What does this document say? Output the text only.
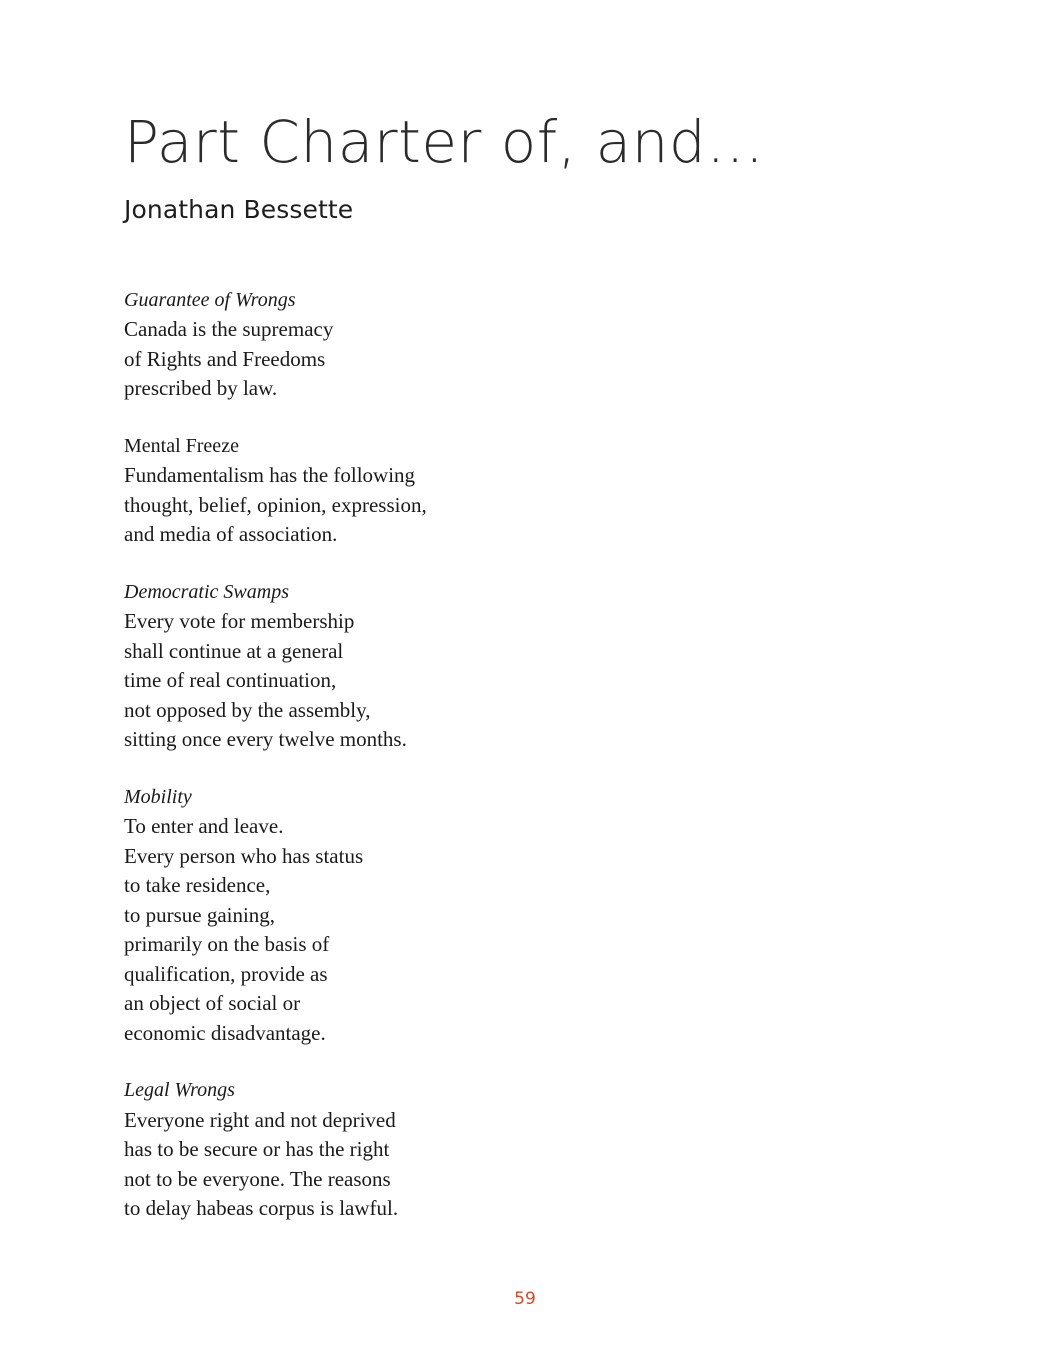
Part Charter of, and…
Jonathan Bessette
Guarantee of Wrongs
Canada is the supremacy
of Rights and Freedoms
prescribed by law.
Mental Freeze
Fundamentalism has the following
thought, belief, opinion, expression,
and media of association.
Democratic Swamps
Every vote for membership
shall continue at a general
time of real continuation,
not opposed by the assembly,
sitting once every twelve months.
Mobility
To enter and leave.
Every person who has status
to take residence,
to pursue gaining,
primarily on the basis of
qualification, provide as
an object of social or
economic disadvantage.
Legal Wrongs
Everyone right and not deprived
has to be secure or has the right
not to be everyone. The reasons
to delay habeas corpus is lawful.
59
